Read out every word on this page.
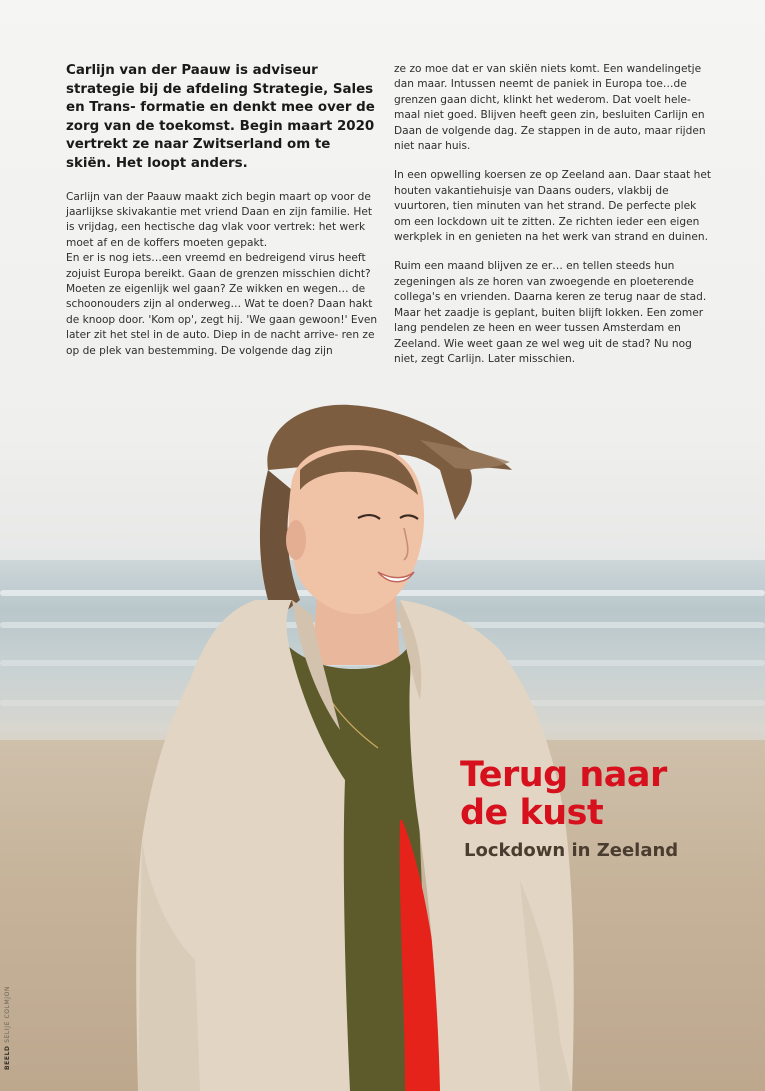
Carlijn van der Paauw is adviseur strategie bij de afdeling Strategie, Sales en Trans- formatie en denkt mee over de zorg van de toekomst. Begin maart 2020 vertrekt ze naar Zwitserland om te skiën. Het loopt anders.

Carlijn van der Paauw maakt zich begin maart op voor de jaarlijkse skivakantie met vriend Daan en zijn familie. Het is vrijdag, een hectische dag vlak voor vertrek: het werk moet af en de koffers moeten gepakt.

En er is nog iets…een vreemd en bedreigend virus heeft zojuist Europa bereikt. Gaan de grenzen misschien dicht? Moeten ze eigenlijk wel gaan? Ze wikken en wegen… de schoonouders zijn al onderweg… Wat te doen? Daan hakt de knoop door. 'Kom op', zegt hij. 'We gaan gewoon!' Even later zit het stel in de auto. Diep in de nacht arrive- ren ze op de plek van bestemming. De volgende dag zijn

ze zo moe dat er van skiën niets komt. Een wandelingetje dan maar. Intussen neemt de paniek in Europa toe…de grenzen gaan dicht, klinkt het wederom. Dat voelt hele- maal niet goed. Blijven heeft geen zin, besluiten Carlijn en Daan de volgende dag. Ze stappen in de auto, maar rijden niet naar huis.

In een opwelling koersen ze op Zeeland aan. Daar staat het houten vakantiehuisje van Daans ouders, vlakbij de vuurtoren, tien minuten van het strand. De perfecte plek om een lockdown uit te zitten. Ze richten ieder een eigen werkplek in en genieten na het werk van strand en duinen.

Ruim een maand blijven ze er… en tellen steeds hun zegeningen als ze horen van zwoegende en ploeterende collega's en vrienden. Daarna keren ze terug naar de stad. Maar het zaadje is geplant, buiten blijft lokken. Een zomer lang pendelen ze heen en weer tussen Amsterdam en Zeeland. Wie weet gaan ze wel weg uit de stad? Nu nog niet, zegt Carlijn. Later misschien.

Terug naar
de kust
Lockdown in Zeeland
BEELD SELIJE COLMJON
